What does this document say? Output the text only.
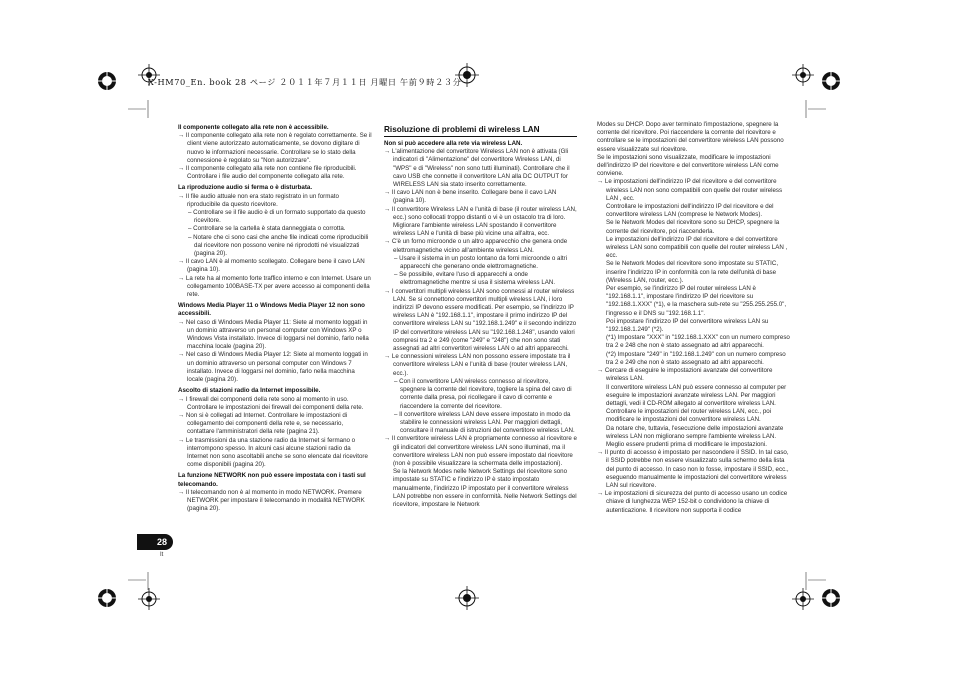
X-HM70_En. book 28 ページ ２０１１年７月１１日 月曜日 午前９時２３分

Il componente collegato alla rete non è accessibile.

→ Il componente collegato alla rete non è regolato correttamente. Se il client viene autorizzato automaticamente, se dovono digitare di nuovo le informazioni necessarie. Controllare se lo stato della connessione è regolato su "Non autorizzare".

→ Il componente collegato alla rete non contiene file riproducibili. Controllare i file audio del componente collegato alla rete.

La riproduzione audio si ferma o è disturbata.

→ Il file audio attuale non era stato registrato in un formato riproducibile da questo ricevitore.

– Controllare se il file audio è di un formato supportato da questo ricevitore.

– Controllare se la cartella è stata danneggiata o corrotta.

– Notare che ci sono casi che anche file indicati come riproducibili dal ricevitore non possono venire né riprodotti né visualizzati (pagina 20).

→ Il cavo LAN è al momento scollegato. Collegare bene il cavo LAN (pagina 10).

→ La rete ha al momento forte traffico interno e con Internet. Usare un collegamento 100BASE-TX per avere accesso ai componenti della rete.

Windows Media Player 11 o Windows Media Player 12 non sono accessibili.

→ Nel caso di Windows Media Player 11: Siete al momento loggati in un dominio attraverso un personal computer con Windows XP o Windows Vista installato. Invece di loggarsi nel dominio, farlo nella macchina locale (pagina 20).

→ Nel caso di Windows Media Player 12: Siete al momento loggati in un dominio attraverso un personal computer con Windows 7 installato. Invece di loggarsi nel dominio, farlo nella macchina locale (pagina 20).

Ascolto di stazioni radio da Internet impossibile.

→ I firewall dei componenti della rete sono al momento in uso. Controllare le impostazioni dei firewall dei componenti della rete.

→ Non si è collegati ad Internet. Controllare le impostazioni di collegamento dei componenti della rete e, se necessario, contattare l'amministratori della rete (pagina 21).

→ Le trasmissioni da una stazione radio da Internet si fermano o interrompono spesso. In alcuni casi alcune stazioni radio da Internet non sono ascoltabili anche se sono elencate dal ricevitore come disponibili (pagina 20).

La funzione NETWORK non può essere impostata con i tasti sul telecomando.

→ Il telecomando non è al momento in modo NETWORK. Premere NETWORK per impostare il telecomando in modalità NETWORK (pagina 20).

Risoluzione di problemi di wireless LAN

Non si può accedere alla rete via wireless LAN.

→ L'alimentazione del convertitore Wireless LAN non è attivata (Gli indicatori di "Alimentazione" del convertitore Wireless LAN, di "WPS" e di "Wireless" non sono tutti illuminati). Controllare che il cavo USB che connette il convertitore LAN alla DC OUTPUT for WIRELESS LAN sia stato inserito correttamente.

→ Il cavo LAN non è bene inserito. Collegare bene il cavo LAN (pagina 10).

→ Il convertitore Wireless LAN e l'unità di base (il router wireless LAN, ecc.) sono collocati troppo distanti o vi è un ostacolo tra di loro. Migliorare l'ambiente wireless LAN spostando il convertitore wireless LAN e l'unità di base più vicine una all'altra, ecc.

→ C'è un forno microonde o un altro apparecchio che genera onde elettromagnetiche vicino all'ambiente wireless LAN.

– Usare il sistema in un posto lontano da forni microonde o altri apparecchi che generano onde elettromagnetiche.

– Se possibile, evitare l'uso di apparecchi a onde elettromagnetiche mentre si usa il sistema wireless LAN.

→ I convertitori multipli wireless LAN sono connessi al router wireless LAN. Se si connettono convertitori multipli wireless LAN, i loro indirizzi IP devono essere modificati. Per esempio, se l'indirizzo IP wireless LAN è "192.168.1.1", impostare il primo indirizzo IP del convertitore wireless LAN su "192.168.1.249" e il secondo indirizzo IP del convertitore wireless LAN su "192.168.1.248", usando valori compresi tra 2 e 249 (come "249" e "248") che non sono stati assegnati ad altri convertitori wireless LAN o ad altri apparecchi.

→ Le connessioni wireless LAN non possono essere impostate tra il convertitore wireless LAN e l'unità di base (router wireless LAN, ecc.).

– Con il convertitore LAN wireless connesso al ricevitore, spegnere la corrente del ricevitore, togliere la spina del cavo di corrente dalla presa, poi ricollegare il cavo di corrente e riaccendere la corrente del ricevitore.

– Il convertitore wireless LAN deve essere impostato in modo da stabilire le connessioni wireless LAN. Per maggiori dettagli, consultare il manuale di istruzioni del convertitore wireless LAN.

→ Il convertitore wireless LAN è propriamente connesso al ricevitore e gli indicatori del convertitore wireless LAN sono illuminati, ma il convertitore wireless LAN non può essere impostato dal ricevitore (non è possibile visualizzare la schermata delle impostazioni).

Se la Network Modes nelle Network Settings del ricevitore sono impostate su STATIC e l'indirizzo IP è stato impostato manualmente, l'indirizzo IP impostato per il convertitore wireless LAN potrebbe non essere in conformità. Nelle Network Settings del ricevitore, impostare le Network

Modes su DHCP. Dopo aver terminato l'impostazione, spegnere la corrente del ricevitore. Poi riaccendere la corrente del ricevitore e controllare se le impostazioni del convertitore wireless LAN possono essere visualizzate sul ricevitore.

Se le impostazioni sono visualizzate, modificare le impostazioni dell'indirizzo IP del ricevitore e del convertitore wireless LAN come conviene.

→ Le impostazioni dell'indirizzo IP del ricevitore e del convertitore wireless LAN non sono compatibili con quelle del router wireless LAN , ecc.

Controllare le impostazioni dell'indirizzo IP del ricevitore e del convertitore wireless LAN (comprese le Network Modes).

Se le Network Modes del ricevitore sono su DHCP, spegnere la corrente del ricevitore, poi riaccenderla.

Le impostazioni dell'indirizzo IP del ricevitore e del convertitore wireless LAN sono compatibili con quelle del router wireless LAN , ecc.

Se le Network Modes del ricevitore sono impostate su STATIC, inserire l'indirizzo IP in conformità con la rete dell'unità di base (Wireless LAN, router, ecc.).

Per esempio, se l'indirizzo IP del router wireless LAN è "192.168.1.1", impostare l'indirizzo IP del ricevitore su "192.168.1.XXX" (*1), e la maschera sub-rete su "255.255.255.0", l'ingresso e il DNS su "192.168.1.1".

Poi impostare l'indirizzo IP del convertitore wireless LAN su "192.168.1.249" (*2).

(*1) Impostare "XXX" in "192.168.1.XXX" con un numero compreso tra 2 e 248 che non è stato assegnato ad altri apparecchi.

(*2) Impostare "249" in "192.168.1.249" con un numero compreso tra 2 e 249 che non è stato assegnato ad altri apparecchi.

→ Cercare di eseguire le impostazioni avanzate del convertitore wireless LAN.

Il convertitore wireless LAN può essere connesso al computer per eseguire le impostazioni avanzate wireless LAN. Per maggiori dettagli, vedi il CD-ROM allegato al convertitore wireless LAN. Controllare le impostazioni del router wireless LAN, ecc., poi modificare le impostazioni del convertitore wireless LAN.

Da notare che, tuttavia, l'esecuzione delle impostazioni avanzate wireless LAN non migliorano sempre l'ambiente wireless LAN. Meglio essere prudenti prima di modificare le impostazioni.

→ Il punto di accesso è impostato per nascondere il SSID. In tal caso, il SSID potrebbe non essere visualizzato sulla schermo della lista del punto di accesso. In caso non lo fosse, impostare il SSID, ecc., eseguendo manualmente le impostazioni del convertitore wireless LAN sul ricevitore.

→ Le impostazioni di sicurezza del punto di accesso usano un codice chiave di lunghezza WEP 152-bit o condividono la chiave di autenticazione. Il ricevitore non supporta il codice

28
It
